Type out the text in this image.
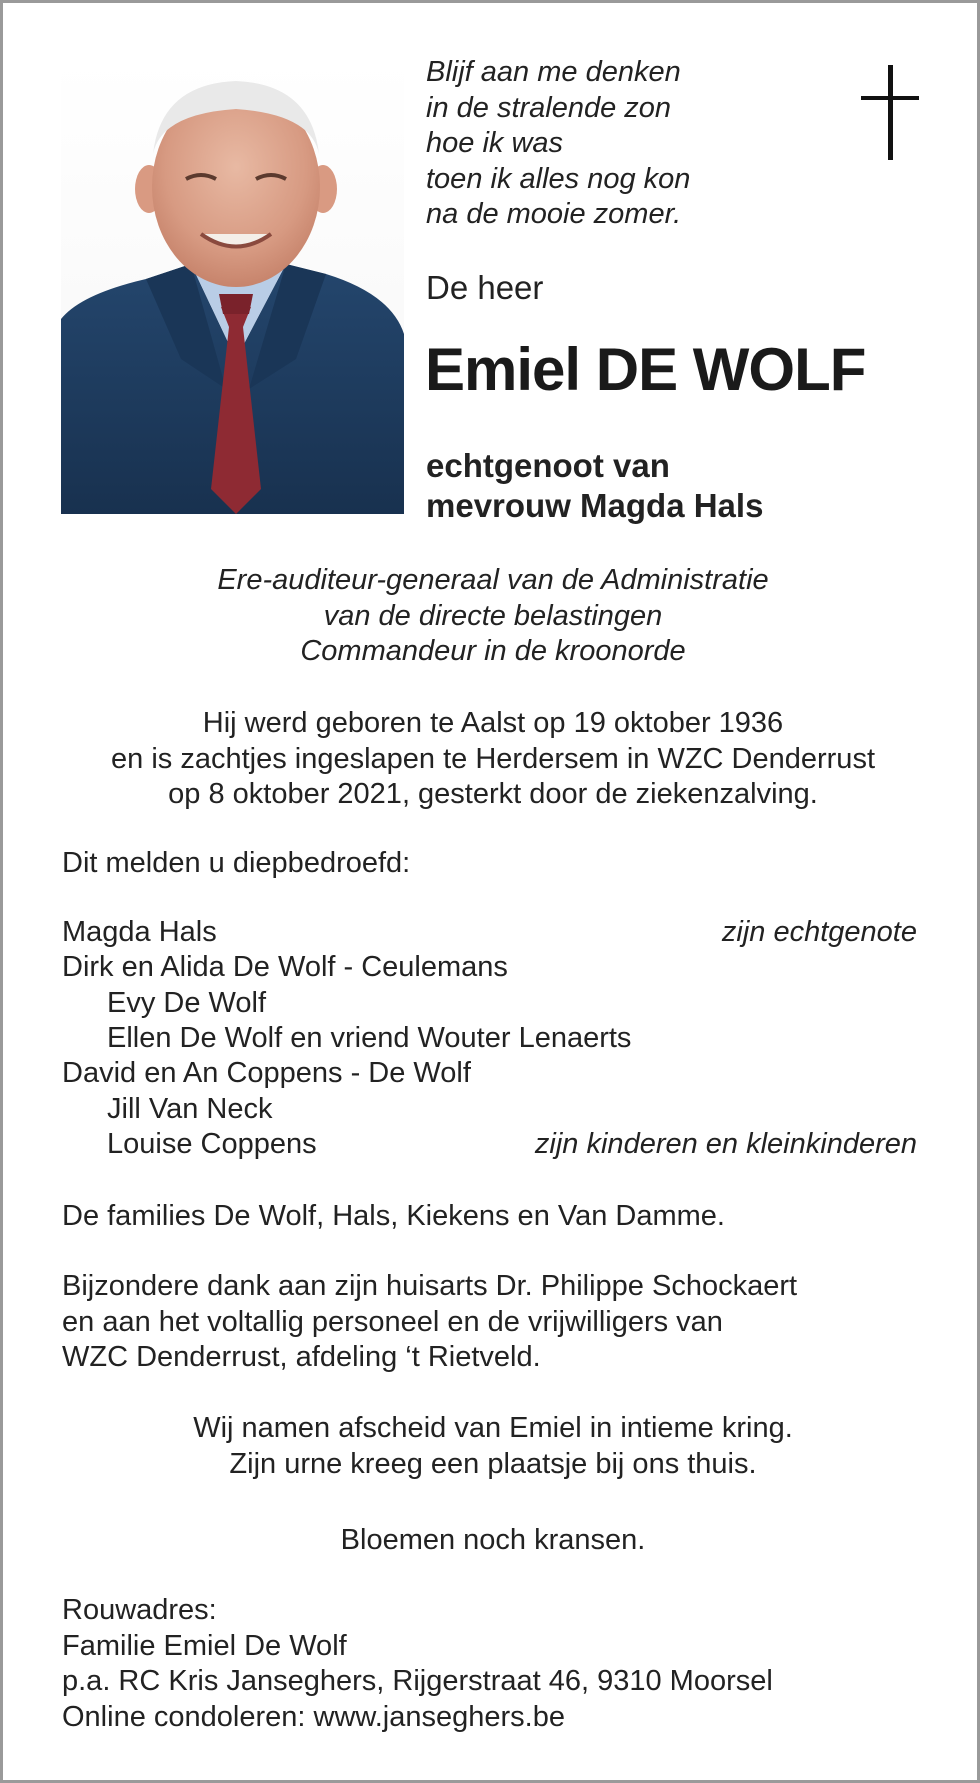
Blijf aan me denken
in de stralende zon
hoe ik was
toen ik alles nog kon
na de mooie zomer.
De heer
Emiel DE WOLF
echtgenoot van
mevrouw Magda Hals
Ere-auditeur-generaal van de Administratie
van de directe belastingen
Commandeur in de kroonorde
Hij werd geboren te Aalst op 19 oktober 1936
en is zachtjes ingeslapen te Herdersem in WZC Denderrust
op 8 oktober 2021, gesterkt door de ziekenzalving.
Dit melden u diepbedroefd:
Magda Hals	zijn echtgenote
Dirk en Alida De Wolf - Ceulemans
Evy De Wolf
Ellen De Wolf en vriend Wouter Lenaerts
David en An Coppens - De Wolf
Jill Van Neck
Louise Coppens	zijn kinderen en kleinkinderen
De families De Wolf, Hals, Kiekens en Van Damme.
Bijzondere dank aan zijn huisarts Dr. Philippe Schockaert
en aan het voltallig personeel en de vrijwilligers van
WZC Denderrust, afdeling ‘t Rietveld.
Wij namen afscheid van Emiel in intieme kring.
Zijn urne kreeg een plaatsje bij ons thuis.
Bloemen noch kransen.
Rouwadres:
Familie Emiel De Wolf
p.a. RC Kris Janseghers, Rijgerstraat 46, 9310 Moorsel
Online condoleren: www.janseghers.be
